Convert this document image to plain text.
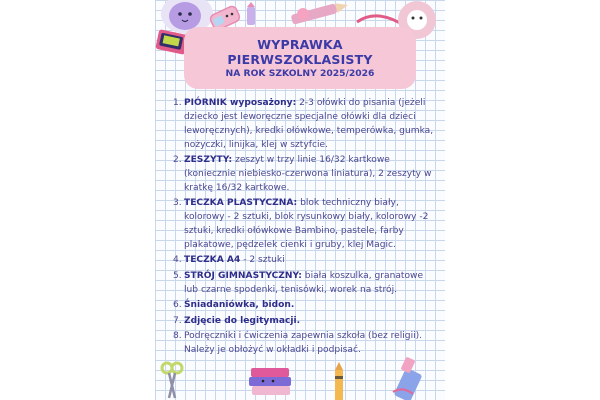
WYPRAWKA
PIERWSZOKLASISTY
NA ROK SZKOLNY 2025/2026
1. PIÓRNIK wyposażony: 2-3 ołówki do pisania (jeżeli dziecko jest leworęczne specjalne ołówki dla dzieci leworęcznych), kredki ołówkowe, temperówka, gumka, nożyczki, linijka, klej w sztyfcie.
2. ZESZYTY: zeszyt w trzy linie 16/32 kartkowe (koniecznie niebiesko-czerwona liniatura), 2 zeszyty w kratkę 16/32 kartkowe.
3. TECZKA PLASTYCZNA: blok techniczny biały, kolorowy - 2 sztuki, blok rysunkowy biały, kolorowy -2 sztuki, kredki ołówkowe Bambino, pastele, farby plakatowe, pędzelek cienki i gruby, klej Magic.
4. TECZKA A4 - 2 sztuki
5. STRÓJ GIMNASTYCZNY: biała koszulka, granatowe lub czarne spodenki, tenisówki, worek na strój.
6. Śniadaniówka, bidon.
7. Zdjęcie do legitymacji.
8. Podręczniki i ćwiczenia zapewnia szkoła (bez religii). Należy je obłożyć w okładki i podpisać.
